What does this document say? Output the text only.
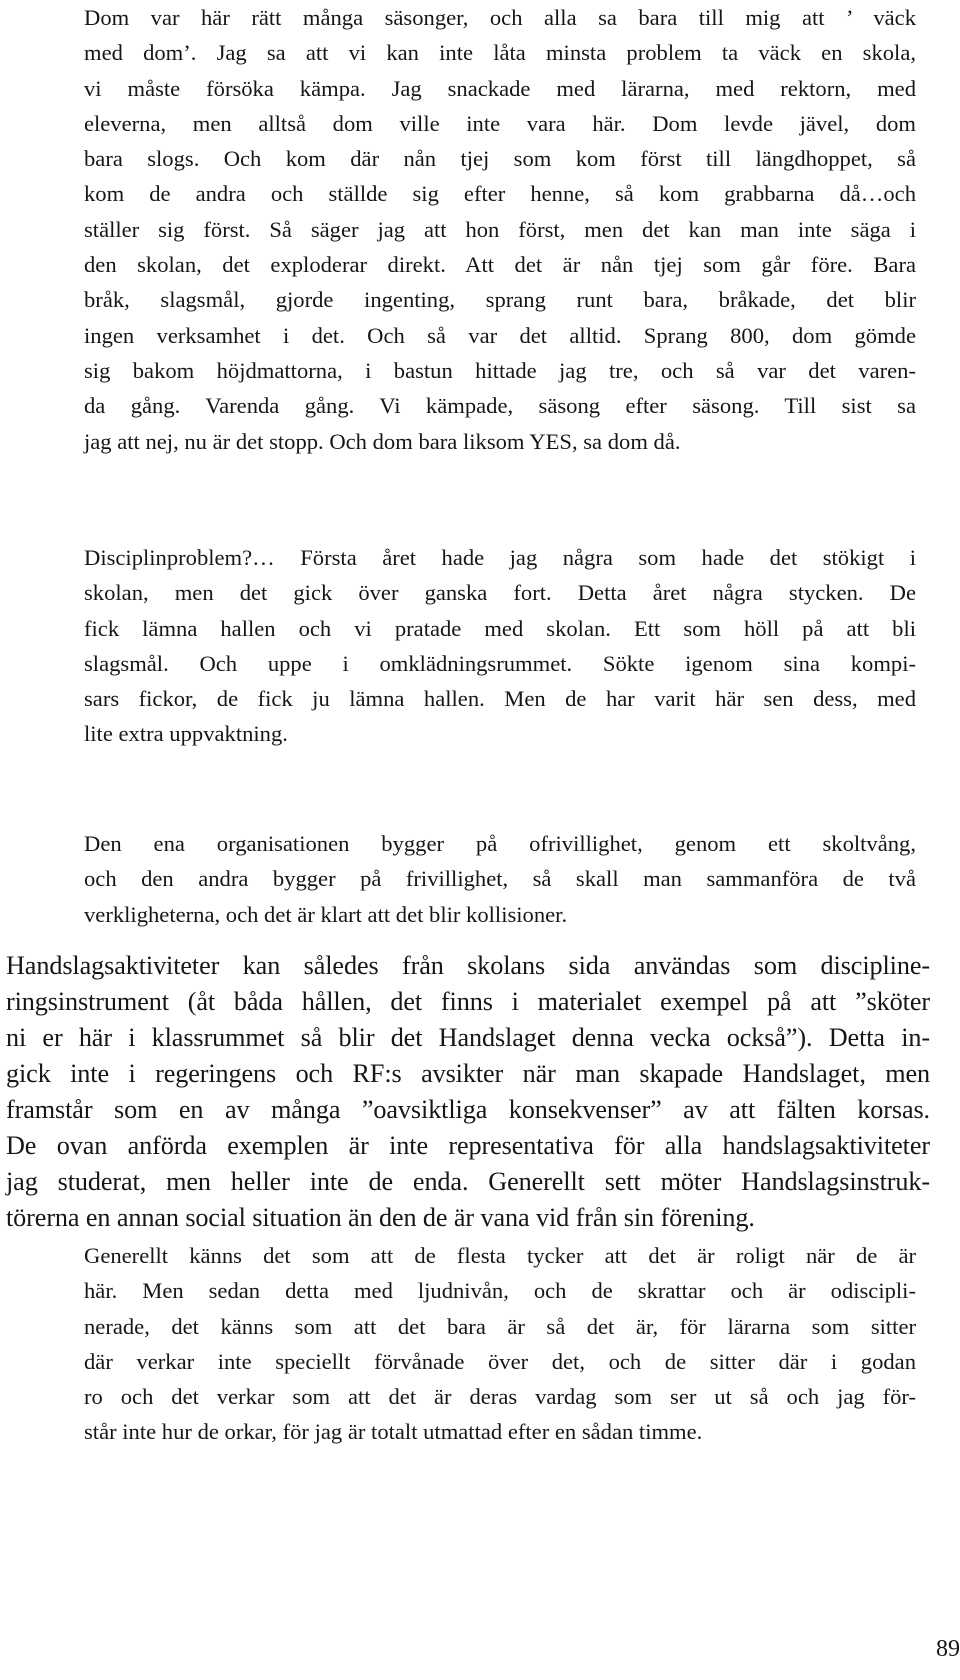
Dom var här rätt många säsonger, och alla sa bara till mig att ’ väck
med dom’. Jag sa att vi kan inte låta minsta problem ta väck en skola,
vi måste försöka kämpa. Jag snackade med lärarna, med rektorn, med
eleverna, men alltså dom ville inte vara här. Dom levde jävel, dom
bara slogs. Och kom där nån tjej som kom först till längdhoppet, så
kom de andra och ställde sig efter henne, så kom grabbarna då…och
ställer sig först. Så säger jag att hon först, men det kan man inte säga i
den skolan, det exploderar direkt. Att det är nån tjej som går före. Bara
bråk, slagsmål, gjorde ingenting, sprang runt bara, bråkade, det blir
ingen verksamhet i det. Och så var det alltid. Sprang 800, dom gömde
sig bakom höjdmattorna, i bastun hittade jag tre, och så var det varen-
da gång. Varenda gång. Vi kämpade, säsong efter säsong. Till sist sa
jag att nej, nu är det stopp. Och dom bara liksom YES, sa dom då.
Disciplinproblem?… Första året hade jag några som hade det stökigt i
skolan, men det gick över ganska fort. Detta året några stycken. De
fick lämna hallen och vi pratade med skolan. Ett som höll på att bli
slagsmål. Och uppe i omklädningsrummet. Sökte igenom sina kompi-
sars fickor, de fick ju lämna hallen. Men de har varit här sen dess, med
lite extra uppvaktning.
Den ena organisationen bygger på ofrivillighet, genom ett skoltvång,
och den andra bygger på frivillighet, så skall man sammanföra de två
verkligheterna, och det är klart att det blir kollisioner.
Handslagsaktiviteter kan således från skolans sida användas som discipline-
ringsinstrument (åt båda hållen, det finns i materialet exempel på att ”sköter
ni er här i klassrummet så blir det Handslaget denna vecka också”). Detta in-
gick inte i regeringens och RF:s avsikter när man skapade Handslaget, men
framstår som en av många ”oavsiktliga konsekvenser” av att fälten korsas.
De ovan anförda exemplen är inte representativa för alla handslagsaktiviteter
jag studerat, men heller inte de enda. Generellt sett möter Handslagsinstruk-
törerna en annan social situation än den de är vana vid från sin förening.
Generellt känns det som att de flesta tycker att det är roligt när de är
här. Men sedan detta med ljudnivån, och de skrattar och är odiscipli-
nerade, det känns som att det bara är så det är, för lärarna som sitter
där verkar inte speciellt förvånade över det, och de sitter där i godan
ro och det verkar som att det är deras vardag som ser ut så och jag för-
står inte hur de orkar, för jag är totalt utmattad efter en sådan timme.
89
